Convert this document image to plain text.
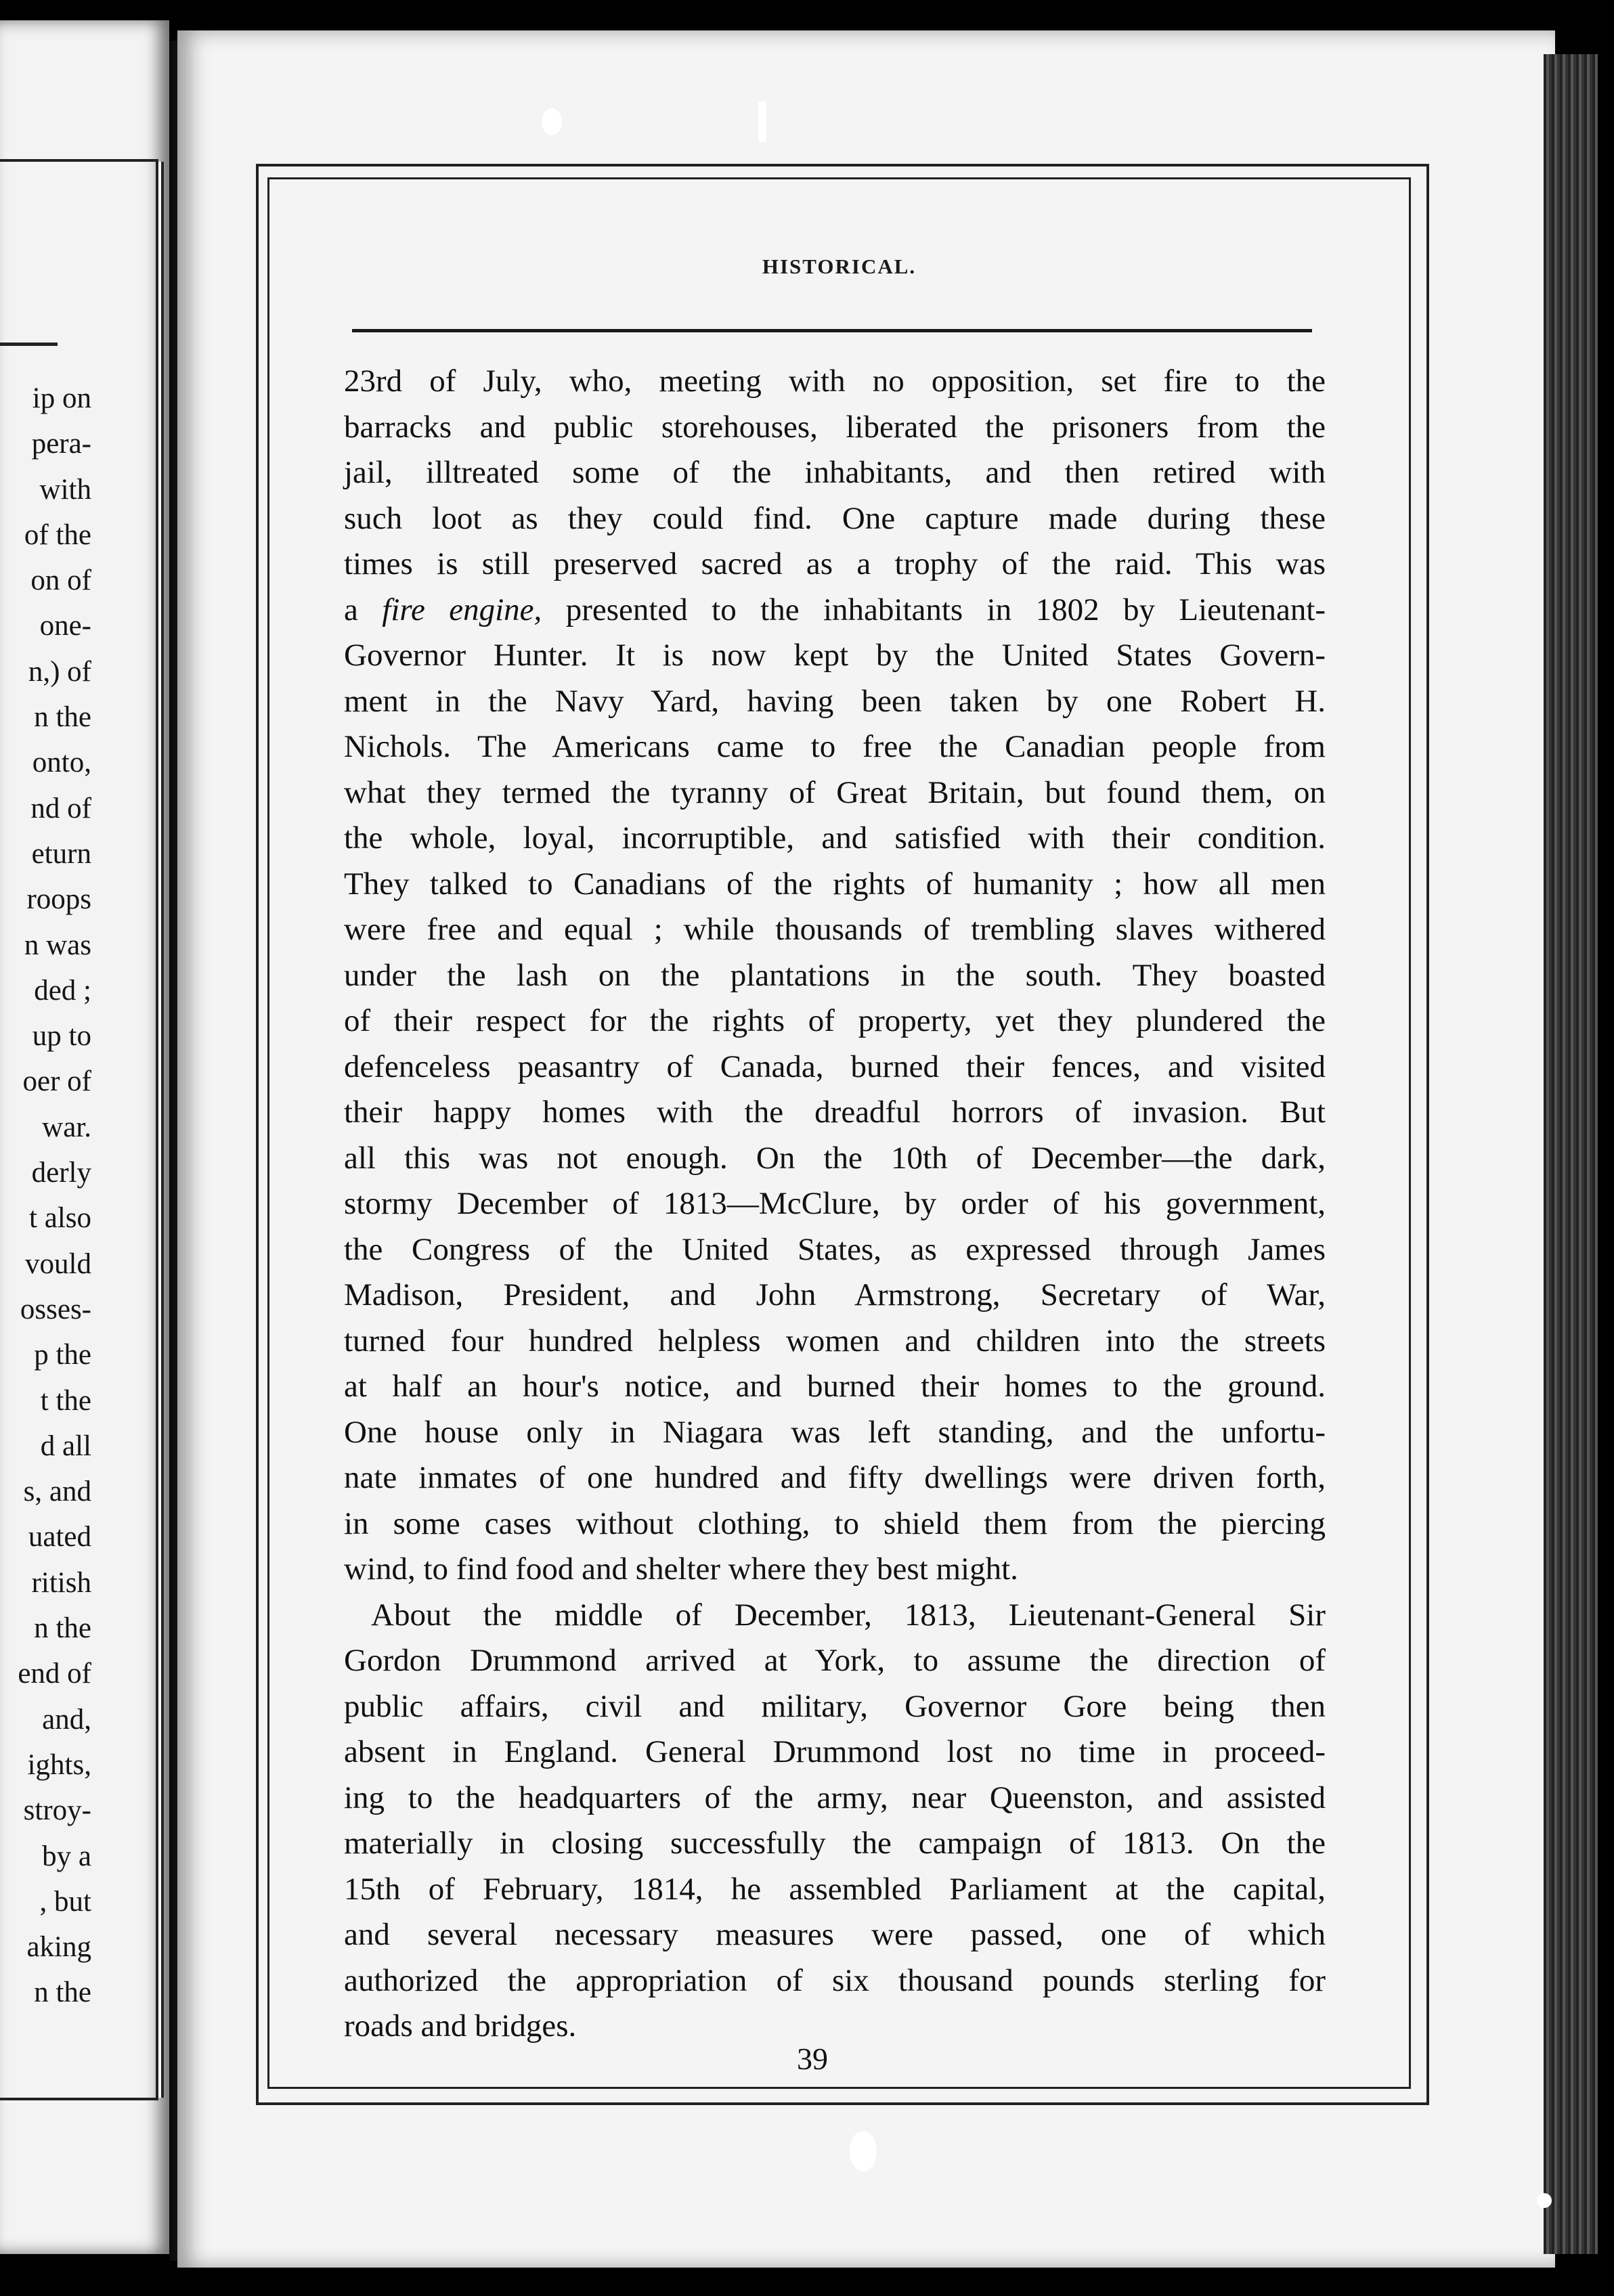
ip on
pera-
with
of the
on of
one-
n,) of
n the
onto,
nd of
eturn
roops
n was
ded ;
up to
oer of
war.
derly
t also
vould
osses-
p the
t the
d all
s, and
uated
ritish
n the
end of
and,
ights,
stroy-
by a
, but
aking
n the
HISTORICAL.

23rd of July, who, meeting with no opposition, set fire to the

barracks and public storehouses, liberated the prisoners from the

jail, illtreated some of the inhabitants, and then retired with

such loot as they could find. One capture made during these

times is still preserved sacred as a trophy of the raid. This was

a fire engine, presented to the inhabitants in 1802 by Lieutenant-

Governor Hunter. It is now kept by the United States Govern-

ment in the Navy Yard, having been taken by one Robert H.

Nichols. The Americans came to free the Canadian people from

what they termed the tyranny of Great Britain, but found them, on

the whole, loyal, incorruptible, and satisfied with their condition.

They talked to Canadians of the rights of humanity ; how all men

were free and equal ; while thousands of trembling slaves withered

under the lash on the plantations in the south. They boasted

of their respect for the rights of property, yet they plundered the

defenceless peasantry of Canada, burned their fences, and visited

their happy homes with the dreadful horrors of invasion. But

all this was not enough. On the 10th of December—the dark,

stormy December of 1813—McClure, by order of his government,

the Congress of the United States, as expressed through James

Madison, President, and John Armstrong, Secretary of War,

turned four hundred helpless women and children into the streets

at half an hour's notice, and burned their homes to the ground.

One house only in Niagara was left standing, and the unfortu-

nate inmates of one hundred and fifty dwellings were driven forth,

in some cases without clothing, to shield them from the piercing

wind, to find food and shelter where they best might.

About the middle of December, 1813, Lieutenant-General Sir

Gordon Drummond arrived at York, to assume the direction of

public affairs, civil and military, Governor Gore being then

absent in England. General Drummond lost no time in proceed-

ing to the headquarters of the army, near Queenston, and assisted

materially in closing successfully the campaign of 1813. On the

15th of February, 1814, he assembled Parliament at the capital,

and several necessary measures were passed, one of which

authorized the appropriation of six thousand pounds sterling for

roads and bridges.

39
